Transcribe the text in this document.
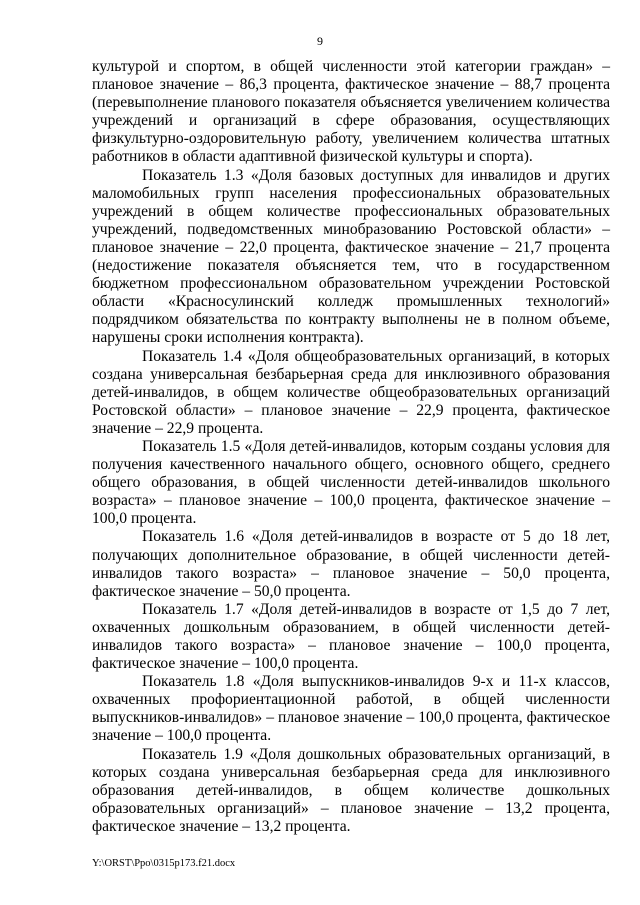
9

культурой и спортом, в общей численности этой категории граждан» – плановое значение – 86,3 процента, фактическое значение – 88,7 процента (перевыполнение планового показателя объясняется увеличением количества учреждений и организаций в сфере образования, осуществляющих физкультурно-оздоровительную работу, увеличением количества штатных работников в области адаптивной физической культуры и спорта).

Показатель 1.3 «Доля базовых доступных для инвалидов и других маломобильных групп населения профессиональных образовательных учреждений в общем количестве профессиональных образовательных учреждений, подведомственных минобразованию Ростовской области» – плановое значение – 22,0 процента, фактическое значение – 21,7 процента (недостижение показателя объясняется тем, что в государственном бюджетном профессиональном образовательном учреждении Ростовской области «Красносулинский колледж промышленных технологий» подрядчиком обязательства по контракту выполнены не в полном объеме, нарушены сроки исполнения контракта).

Показатель 1.4 «Доля общеобразовательных организаций, в которых создана универсальная безбарьерная среда для инклюзивного образования детей-инвалидов, в общем количестве общеобразовательных организаций Ростовской области» – плановое значение – 22,9 процента, фактическое значение – 22,9 процента.

Показатель 1.5 «Доля детей-инвалидов, которым созданы условия для получения качественного начального общего, основного общего, среднего общего образования, в общей численности детей-инвалидов школьного возраста» – плановое значение – 100,0 процента, фактическое значение – 100,0 процента.

Показатель 1.6 «Доля детей-инвалидов в возрасте от 5 до 18 лет, получающих дополнительное образование, в общей численности детей-инвалидов такого возраста» – плановое значение – 50,0 процента, фактическое значение – 50,0 процента.

Показатель 1.7 «Доля детей-инвалидов в возрасте от 1,5 до 7 лет, охваченных дошкольным образованием, в общей численности детей-инвалидов такого возраста» – плановое значение – 100,0 процента, фактическое значение – 100,0 процента.

Показатель 1.8 «Доля выпускников-инвалидов 9-х и 11-х классов, охваченных профориентационной работой, в общей численности выпускников-инвалидов» – плановое значение – 100,0 процента, фактическое значение – 100,0 процента.

Показатель 1.9 «Доля дошкольных образовательных организаций, в которых создана универсальная безбарьерная среда для инклюзивного образования детей-инвалидов, в общем количестве дошкольных образовательных организаций» – плановое значение – 13,2 процента, фактическое значение – 13,2 процента.

Y:\ORST\Ppo\0315p173.f21.docx
